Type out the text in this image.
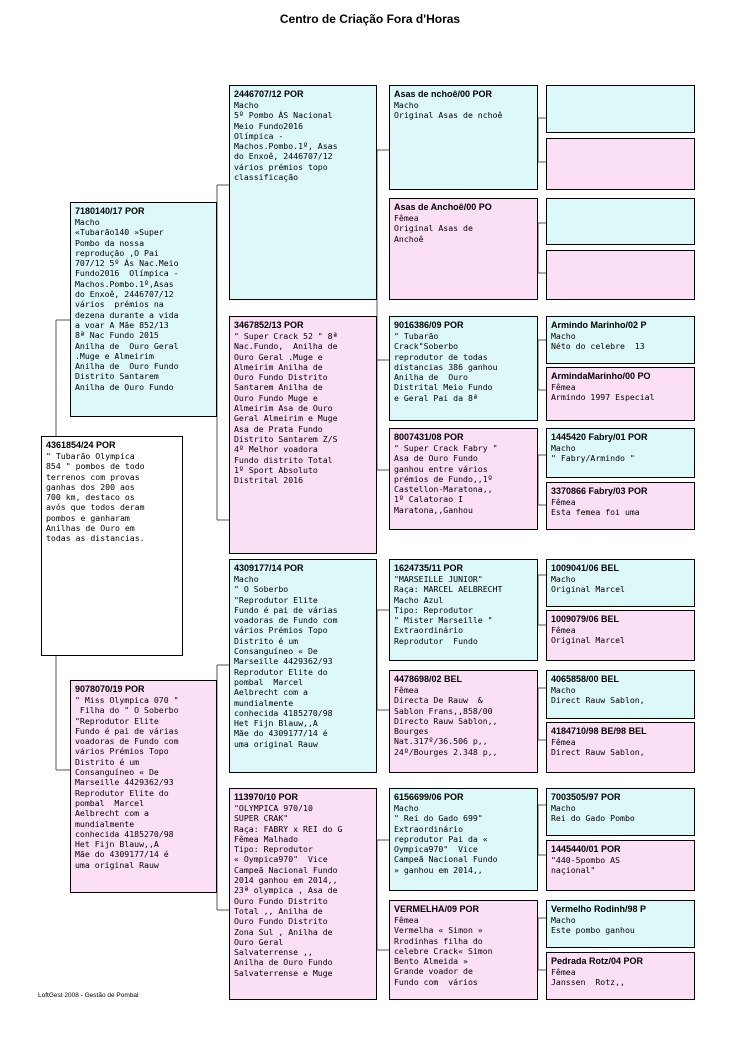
Centro de Criação Fora d'Horas
4361854/24 POR
" Tubarão Olympica
854 " pombos de todo
terrenos com provas
ganhas dos 200 aos
700 km, destaco os
avós que todos deram
pombos e ganharam
Anilhas de Ouro em
todas as distancias.
7180140/17 POR
Macho
«Tubarão140 »Super
Pombo da nossa
reprodução ,O Pai
707/12 5º Ás Nac.Meio
Fundo2016  Olímpica -
Machos.Pombo.1º,Asas
do Enxoê, 2446707/12
vários  prémios na
dezena durante a vida
a voar A Mãe 852/13
8ª Nac Fundo 2015
Anilha de  Ouro Geral
.Muge e Almeirim
Anilha de  Ouro Fundo
Distrito Santarem
Anilha de Ouro Fundo
9078070/19 POR
" Miss Olympica 070 "
Filha do " O Soberbo
"Reprodutor Elite
Fundo é pai de várias
voadoras de Fundo com
vários Prémios Topo
Distrito é um
Consanguíneo « De
Marseille 4429362/93
Reprodutor Elite do
pombal  Marcel
Aelbrecht com a
mundialmente
conhecida 4185270/98
Het Fijn Blauw,,A
Mãe do 4309177/14 é
uma original Rauw
2446707/12 POR
Macho
5º Pombo ÁS Nacional
Meio Fundo2016
Olímpica -
Machos.Pombo.1º, Asas
do Enxoê, 2446707/12
vários prémios topo
classificação
3467852/13 POR
" Super Crack 52 " 8ª
Nac.Fundo,  Anilha de
Ouro Geral .Muge e
Almeirim Anilha de
Ouro Fundo Distrito
Santarem Anilha de
Ouro Fundo Muge e
Almeirim Asa de Ouro
Geral Almeirim e Muge
Asa de Prata Fundo
Distrito Santarem Z/S
4º Melhor voadora
Fundo distrito Total
1º Sport Absoluto
Distrital 2016
4309177/14 POR
Macho
" O Soberbo
"Reprodutor Elite
Fundo é pai de várias
voadoras de Fundo com
vários Prémios Topo
Distrito é um
Consanguíneo « De
Marseille 4429362/93
Reprodutor Elite do
pombal  Marcel
Aelbrecht com a
mundialmente
conhecida 4185270/98
Het Fijn Blauw,,A
Mãe do 4309177/14 é
uma original Rauw
113970/10 POR
"OLYMPICA 970/10
SUPER CRAK"
Raça: FABRY x REI do G
Fêmea Malhado
Tipo: Reprodutor
« Oympica970"  Vice
Campeã Nacional Fundo
2014 ganhou em 2014,,
23ª olympica , Asa de
Ouro Fundo Distrito
Total ,, Anilha de
Ouro Fundo Distrito
Zona Sul , Anilha de
Ouro Geral
Salvaterrense ,,
Anilha de Ouro Fundo
Salvaterrense e Muge
Asas de nchoê/00 POR
Macho
Original Asas de nchoê
Asas de Anchoê/00 PO
Fêmea
Original Asas de
Anchoê
9016386/09 POR
" Tubarão
Crack"Soberbo
reprodutor de todas
distancias 386 ganhou
Anilha de  Ouro
Distrital Meio Fundo
e Geral Pai da 8ª
8007431/08 POR
" Super Crack Fabry "
Asa de Ouro Fundo
ganhou entre vários
prémios de Fundo,,1º
Castellon-Maratona,,
1º Calatorao I
Maratona,,Ganhou
1624735/11 POR
"MARSEILLE JUNIOR"
Raça: MARCEL AELBRECHT
Macho Azul
Tipo: Reprodutor
" Mister Marseille "
Extraordinário
Reprodutor  Fundo
4478698/02 BEL
Fêmea
Directa De Rauw  &
Sablon Frans,,858/00
Directo Rauw Sablon,,
Bourges
Nat.317º/36.506 p,,
24º/Bourges 2.348 p,,
6156699/06 POR
Macho
" Rei do Gado 699"
Extraordinário
reprodutor Pai da «
Oympica970"  Vice
Campeã Nacional Fundo
» ganhou em 2014,,
VERMELHA/09 POR
Fêmea
Vermelha « Simon »
Rrodinhas filha do
celebre Crack« Simon
Bento Almeida »
Grande voador de
Fundo com  vários
Armindo Marinho/02 P
Macho
Néto do celebre  13
ArmindaMarinho/00 PO
Fêmea
Armindo 1997 Especial
1445420 Fabry/01 POR
Macho
" Fabry/Armindo "
3370866 Fabry/03 POR
Fêmea
Esta femea foi uma
1009041/06 BEL
Macho
Original Marcel
1009079/06 BEL
Fêmea
Original Marcel
4065858/00 BEL
Macho
Direct Rauw Sablon,
4184710/98 BE/98 BEL
Fêmea
Direct Rauw Sablon,
7003505/97 POR
Macho
Rei do Gado Pombo
1445440/01 POR
"440-5pombo AS
naçional"
Vermelho Rodinh/98 P
Macho
Este pombo ganhou
Pedrada Rotz/04 POR
Fêmea
Janssen  Rotz,,
LoftGest 2008 - Gestão de Pombal
